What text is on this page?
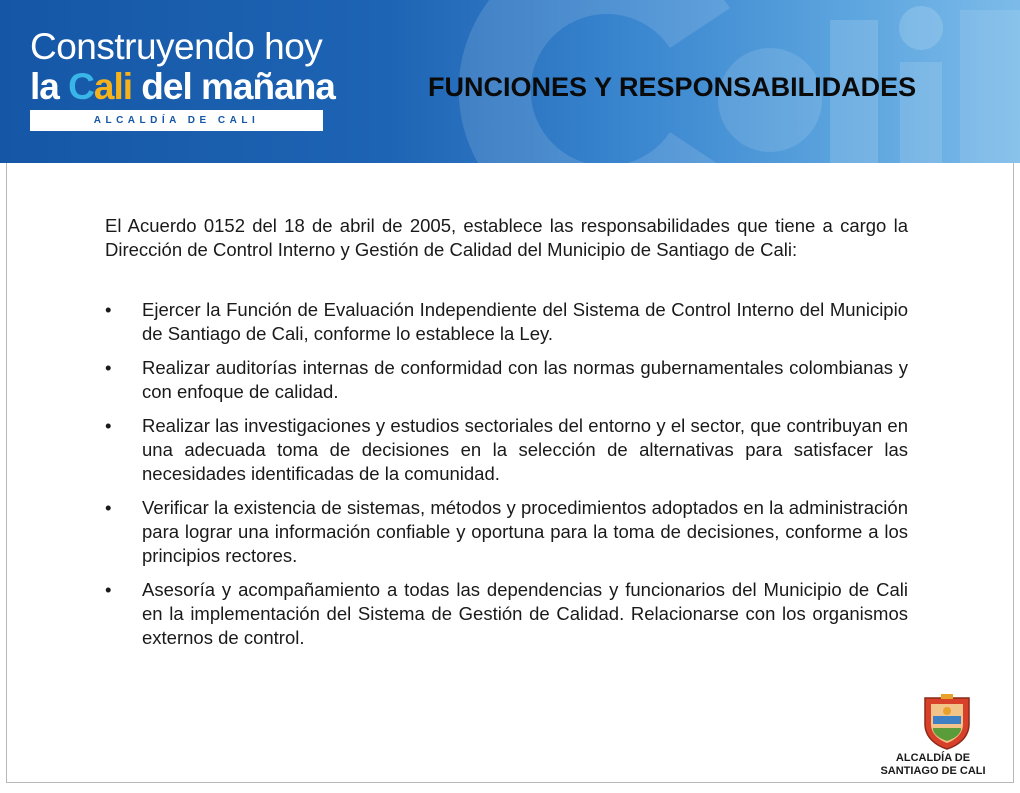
Construyendo hoy
la Cali del mañana
ALCALDÍA DE CALI
FUNCIONES Y RESPONSABILIDADES

El Acuerdo 0152 del 18 de abril de 2005, establece las responsabilidades que tiene a cargo la Dirección de Control Interno y Gestión de Calidad del Municipio de Santiago de Cali:

• Ejercer la Función de Evaluación Independiente del Sistema de Control Interno del Municipio de Santiago de Cali, conforme lo establece la Ley.
• Realizar auditorías internas de conformidad con las normas gubernamentales colombianas y con enfoque de calidad.
• Realizar las investigaciones y estudios sectoriales del entorno y el sector, que contribuyan en una adecuada toma de decisiones en la selección de alternativas para satisfacer las necesidades identificadas de la comunidad.
• Verificar la existencia de sistemas, métodos y procedimientos adoptados en la administración para lograr una información confiable y oportuna para la toma de decisiones, conforme a los principios rectores.
• Asesoría y acompañamiento a todas las dependencias y funcionarios del Municipio de Cali en la implementación del Sistema de Gestión de Calidad. Relacionarse con los organismos externos de control.
ALCALDÍA DE
SANTIAGO DE CALI
